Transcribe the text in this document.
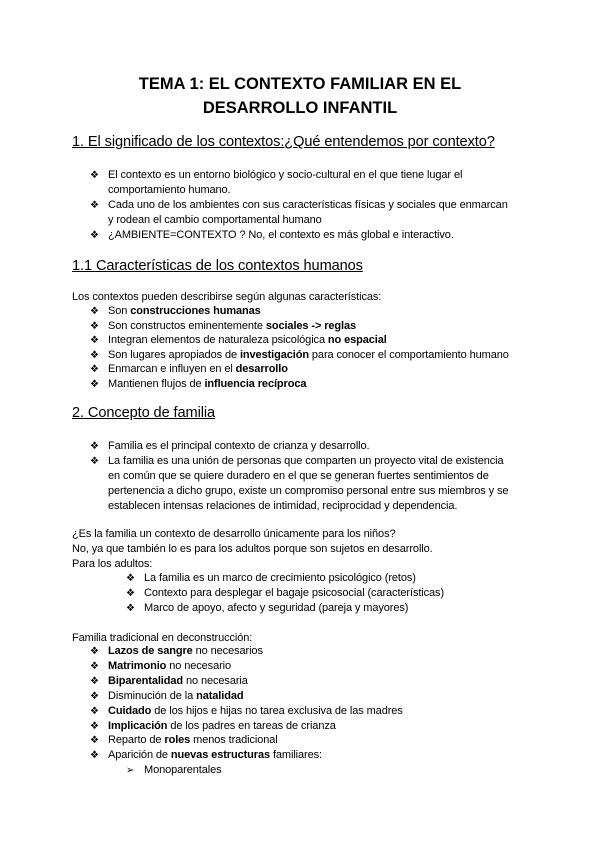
TEMA 1: EL CONTEXTO FAMILIAR EN EL
DESARROLLO INFANTIL
1. El significado de los contextos:¿Qué entendemos por contexto?
❖ El contexto es un entorno biológico y socio-cultural en el que tiene lugar el
comportamiento humano.
❖ Cada uno de los ambientes con sus características físicas y sociales que enmarcan
y rodean el cambio comportamental humano
❖ ¿AMBIENTE=CONTEXTO ? No, el contexto es más global e interactivo.
1.1 Características de los contextos humanos
Los contextos pueden describirse según algunas características:
❖ Son construcciones humanas
❖ Son constructos eminentemente sociales -> reglas
❖ Integran elementos de naturaleza psicológica no espacial
❖ Son lugares apropiados de investigación para conocer el comportamiento humano
❖ Enmarcan e influyen en el desarrollo
❖ Mantienen flujos de influencia recíproca
2. Concepto de familia
❖ Familia es el principal contexto de crianza y desarrollo.
❖ La familia es una unión de personas que comparten un proyecto vital de existencia
en común que se quiere duradero en el que se generan fuertes sentimientos de
pertenencia a dicho grupo, existe un compromiso personal entre sus miembros y se
establecen intensas relaciones de intimidad, reciprocidad y dependencia.
¿Es la familia un contexto de desarrollo únicamente para los niños?
No, ya que también lo es para los adultos porque son sujetos en desarrollo.
Para los adultos:
❖ La familia es un marco de crecimiento psicológico (retos)
❖ Contexto para desplegar el bagaje psicosocial (características)
❖ Marco de apoyo, afecto y seguridad (pareja y mayores)
Familia tradicional en deconstrucción:
❖ Lazos de sangre no necesarios
❖ Matrimonio no necesario
❖ Biparentalidad no necesaria
❖ Disminución de la natalidad
❖ Cuidado de los hijos e hijas no tarea exclusiva de las madres
❖ Implicación de los padres en tareas de crianza
❖ Reparto de roles menos tradicional
❖ Aparición de nuevas estructuras familiares:
➢ Monoparentales
